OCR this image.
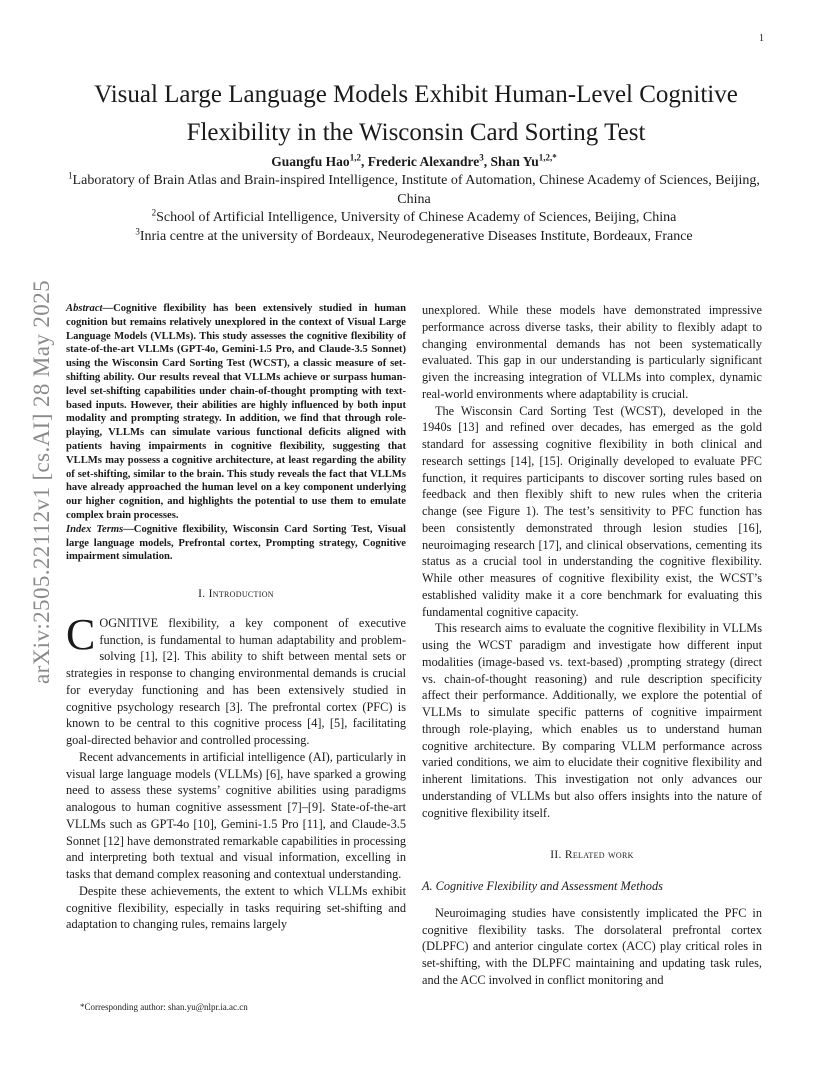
1
arXiv:2505.22112v1 [cs.AI] 28 May 2025
Visual Large Language Models Exhibit Human-Level Cognitive
Flexibility in the Wisconsin Card Sorting Test
Guangfu Hao$^{1,2}$, Frederic Alexandre$^3$, Shan $Yu^{1,2,*}$
$^1$Laboratory of Brain Atlas and Brain-inspired Intelligence, Institute of Automation, Chinese Academy of Sciences, Beijing, China
$^2$School of Artificial Intelligence, University of Chinese Academy of Sciences, Beijing, China
$^3$Inria centre at the university of Bordeaux, Neurodegenerative Diseases Institute, Bordeaux, France

Abstract—Cognitive flexibility has been extensively studied in human cognition but remains relatively unexplored in the context of Visual Large Language Models (VLLMs). This study assesses the cognitive flexibility of state-of-the-art VLLMs (GPT-4o, Gemini-1.5 Pro, and Claude-3.5 Sonnet) using the Wisconsin Card Sorting Test (WCST), a classic measure of set-shifting ability. Our results reveal that VLLMs achieve or surpass human-level set-shifting capabilities under chain-of-thought prompting with text-based inputs. However, their abilities are highly influenced by both input modality and prompting strategy. In addition, we find that through role-playing, VLLMs can simulate various functional deficits aligned with patients having impairments in cognitive flexibility, suggesting that VLLMs may possess a cognitive architecture, at least regarding the ability of set-shifting, similar to the brain. This study reveals the fact that VLLMs have already approached the human level on a key component underlying our higher cognition, and highlights the potential to use them to emulate complex brain processes.

Index Terms—Cognitive flexibility, Wisconsin Card Sorting Test, Visual large language models, Prefrontal cortex, Prompting strategy, Cognitive impairment simulation.

I. Introduction

COGNITIVE flexibility, a key component of executive function, is fundamental to human adaptability and problem-solving [1], [2]. This ability to shift between mental sets or strategies in response to changing environmental demands is crucial for everyday functioning and has been extensively studied in cognitive psychology research [3]. The prefrontal cortex (PFC) is known to be central to this cognitive process [4], [5], facilitating goal-directed behavior and controlled processing.

Recent advancements in artificial intelligence (AI), particularly in visual large language models (VLLMs) [6], have sparked a growing need to assess these systems’ cognitive abilities using paradigms analogous to human cognitive assessment [7]–[9]. State-of-the-art VLLMs such as GPT-4o [10], Gemini-1.5 Pro [11], and Claude-3.5 Sonnet [12] have demonstrated remarkable capabilities in processing and interpreting both textual and visual information, excelling in tasks that demand complex reasoning and contextual understanding.

Despite these achievements, the extent to which VLLMs exhibit cognitive flexibility, especially in tasks requiring set-shifting and adaptation to changing rules, remains largely

*Corresponding author: shan.yu@nlpr.ia.ac.cn

unexplored. While these models have demonstrated impressive performance across diverse tasks, their ability to flexibly adapt to changing environmental demands has not been systematically evaluated. This gap in our understanding is particularly significant given the increasing integration of VLLMs into complex, dynamic real-world environments where adaptability is crucial.

The Wisconsin Card Sorting Test (WCST), developed in the 1940s [13] and refined over decades, has emerged as the gold standard for assessing cognitive flexibility in both clinical and research settings [14], [15]. Originally developed to evaluate PFC function, it requires participants to discover sorting rules based on feedback and then flexibly shift to new rules when the criteria change (see Figure 1). The test’s sensitivity to PFC function has been consistently demonstrated through lesion studies [16], neuroimaging research [17], and clinical observations, cementing its status as a crucial tool in understanding the cognitive flexibility. While other measures of cognitive flexibility exist, the WCST’s established validity make it a core benchmark for evaluating this fundamental cognitive capacity.

This research aims to evaluate the cognitive flexibility in VLLMs using the WCST paradigm and investigate how different input modalities (image-based vs. text-based) ,prompting strategy (direct vs. chain-of-thought reasoning) and rule description specificity affect their performance. Additionally, we explore the potential of VLLMs to simulate specific patterns of cognitive impairment through role-playing, which enables us to understand human cognitive architecture. By comparing VLLM performance across varied conditions, we aim to elucidate their cognitive flexibility and inherent limitations. This investigation not only advances our understanding of VLLMs but also offers insights into the nature of cognitive flexibility itself.

II. Related work
A. Cognitive Flexibility and Assessment Methods

Neuroimaging studies have consistently implicated the PFC in cognitive flexibility tasks. The dorsolateral prefrontal cortex (DLPFC) and anterior cingulate cortex (ACC) play critical roles in set-shifting, with the DLPFC maintaining and updating task rules, and the ACC involved in conflict monitoring and
